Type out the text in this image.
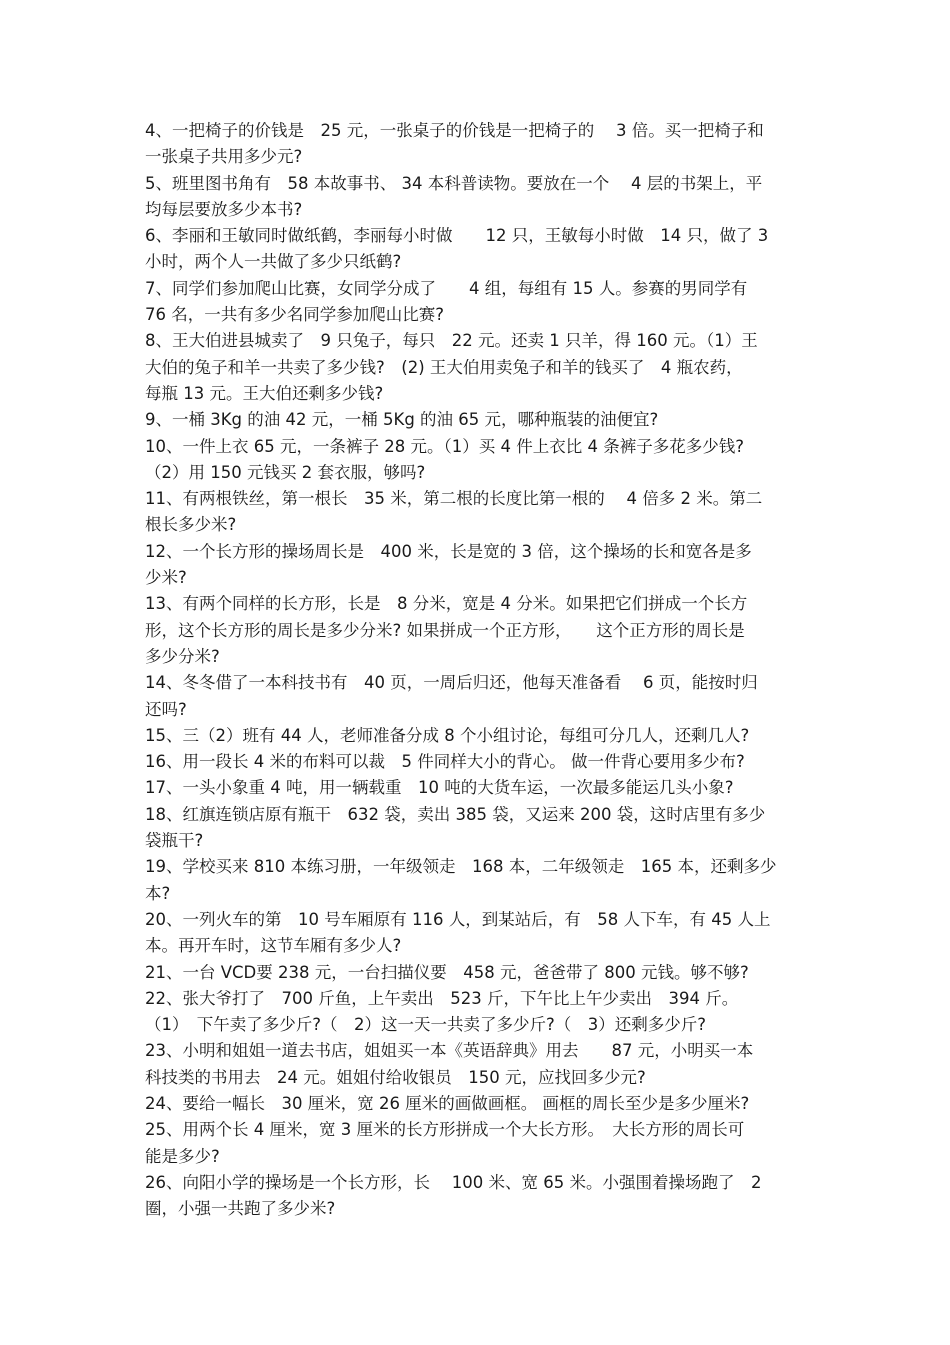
4、一把椅子的价钱是　25 元，一张桌子的价钱是一把椅子的　 3 倍。买一把椅子和
一张桌子共用多少元?
5、班里图书角有　58 本故事书、 34 本科普读物。要放在一个　 4 层的书架上，平
均每层要放多少本书?
6、李丽和王敏同时做纸鹤，李丽每小时做　　12 只，王敏每小时做　14 只，做了 3
小时，两个人一共做了多少只纸鹤?
7、同学们参加爬山比赛，女同学分成了　　4 组，每组有 15 人。参赛的男同学有
76 名，一共有多少名同学参加爬山比赛?
8、王大伯进县城卖了　9 只兔子，每只　22 元。还卖 1 只羊，得 160 元。（1）王
大伯的兔子和羊一共卖了多少钱?　(2) 王大伯用卖兔子和羊的钱买了　4 瓶农药，
每瓶 13 元。王大伯还剩多少钱?
9、一桶 3Kg 的油 42 元，一桶 5Kg 的油 65 元，哪种瓶装的油便宜?
10、一件上衣 65 元，一条裤子 28 元。（1）买 4 件上衣比 4 条裤子多花多少钱?
（2）用 150 元钱买 2 套衣服，够吗?
11、有两根铁丝，第一根长　35 米，第二根的长度比第一根的　 4 倍多 2 米。第二
根长多少米?
12、一个长方形的操场周长是　400 米，长是宽的 3 倍，这个操场的长和宽各是多
少米?
13、有两个同样的长方形，长是　8 分米，宽是 4 分米。如果把它们拼成一个长方
形，这个长方形的周长是多少分米? 如果拼成一个正方形，　　这个正方形的周长是
多少分米?
14、冬冬借了一本科技书有　40 页，一周后归还，他每天准备看　 6 页，能按时归
还吗?
15、三（2）班有 44 人，老师准备分成 8 个小组讨论，每组可分几人，还剩几人?
16、用一段长 4 米的布料可以裁　5 件同样大小的背心。 做一件背心要用多少布?
17、一头小象重 4 吨，用一辆载重　10 吨的大货车运，一次最多能运几头小象?
18、红旗连锁店原有瓶干　632 袋，卖出 385 袋，又运来 200 袋，这时店里有多少
袋瓶干?
19、学校买来 810 本练习册，一年级领走　168 本，二年级领走　165 本，还剩多少
本?
20、一列火车的第　10 号车厢原有 116 人，到某站后，有　58 人下车，有 45 人上
本。再开车时，这节车厢有多少人?
21、一台 VCD要 238 元，一台扫描仪要　458 元，爸爸带了 800 元钱。够不够?
22、张大爷打了　700 斤鱼，上午卖出　523 斤，下午比上午少卖出　394 斤。
（1）　下午卖了多少斤?（　2）这一天一共卖了多少斤?（　3）还剩多少斤?
23、小明和姐姐一道去书店，姐姐买一本《英语辞典》用去　　87 元，小明买一本
科技类的书用去　24 元。姐姐付给收银员　150 元，应找回多少元?
24、要给一幅长　30 厘米，宽 26 厘米的画做画框。 画框的周长至少是多少厘米?
25、用两个长 4 厘米，宽 3 厘米的长方形拼成一个大长方形。　大长方形的周长可
能是多少?
26、向阳小学的操场是一个长方形，长　 100 米、宽 65 米。小强围着操场跑了　2
圈，小强一共跑了多少米?
